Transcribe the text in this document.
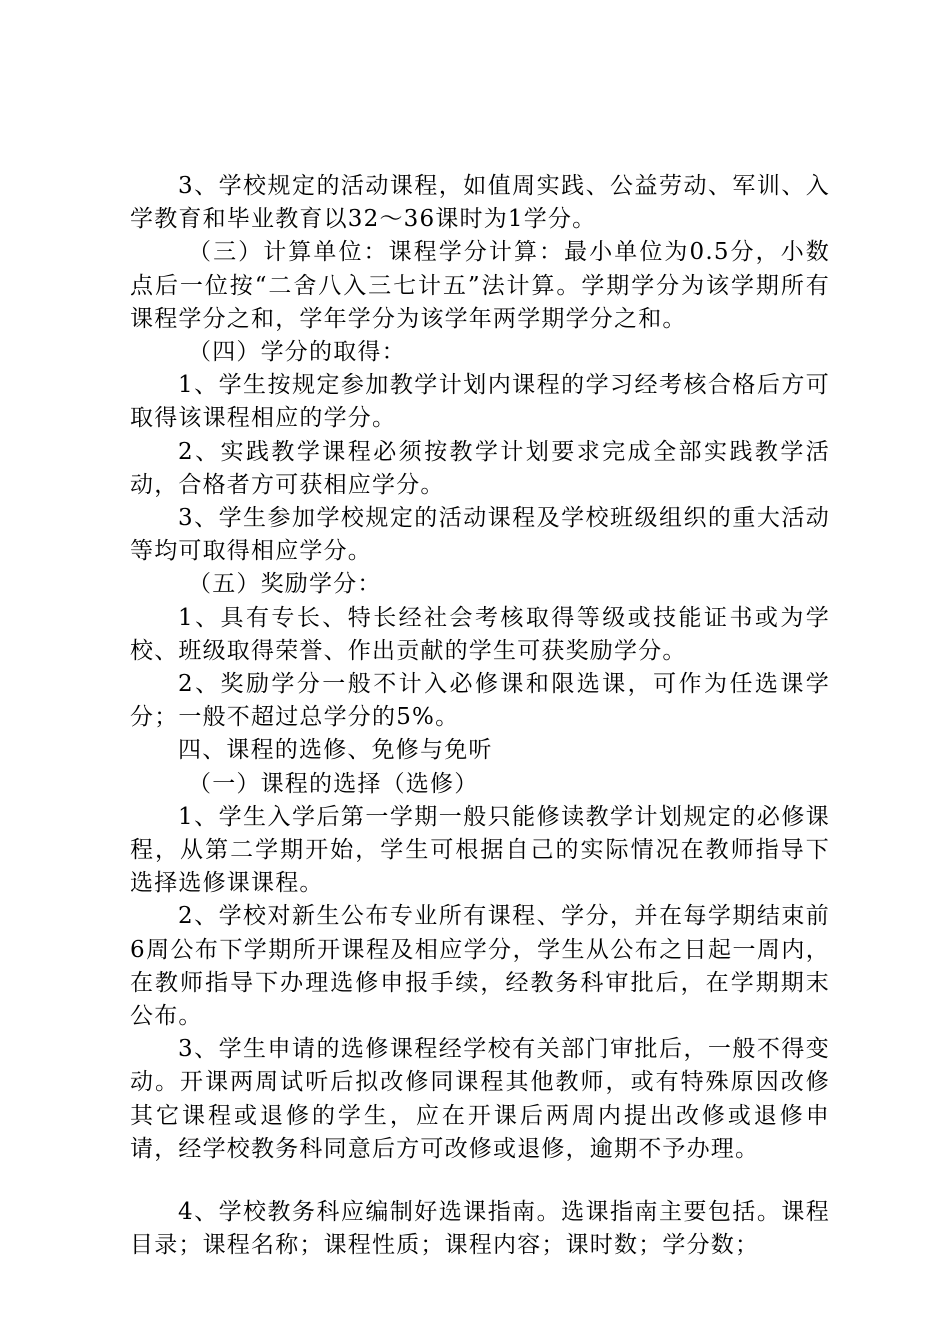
3、学校规定的活动课程，如值周实践、公益劳动、军训、入学教育和毕业教育以32～36课时为1学分。

（三）计算单位：课程学分计算：最小单位为0.5分，小数点后一位按“二舍八入三七计五”法计算。学期学分为该学期所有课程学分之和，学年学分为该学年两学期学分之和。

（四）学分的取得：

1、学生按规定参加教学计划内课程的学习经考核合格后方可取得该课程相应的学分。

2、实践教学课程必须按教学计划要求完成全部实践教学活动，合格者方可获相应学分。

3、学生参加学校规定的活动课程及学校班级组织的重大活动等均可取得相应学分。

（五）奖励学分：

1、具有专长、特长经社会考核取得等级或技能证书或为学校、班级取得荣誉、作出贡献的学生可获奖励学分。

2、奖励学分一般不计入必修课和限选课，可作为任选课学分；一般不超过总学分的5%。

四、课程的选修、免修与免听

（一）课程的选择（选修）

1、学生入学后第一学期一般只能修读教学计划规定的必修课程，从第二学期开始，学生可根据自己的实际情况在教师指导下选择选修课课程。

2、学校对新生公布专业所有课程、学分，并在每学期结束前6周公布下学期所开课程及相应学分，学生从公布之日起一周内，在教师指导下办理选修申报手续，经教务科审批后，在学期期末公布。

3、学生申请的选修课程经学校有关部门审批后，一般不得变动。开课两周试听后拟改修同课程其他教师，或有特殊原因改修其它课程或退修的学生，应在开课后两周内提出改修或退修申请，经学校教务科同意后方可改修或退修，逾期不予办理。

4、学校教务科应编制好选课指南。选课指南主要包括。课程目录；课程名称；课程性质；课程内容；课时数；学分数；
